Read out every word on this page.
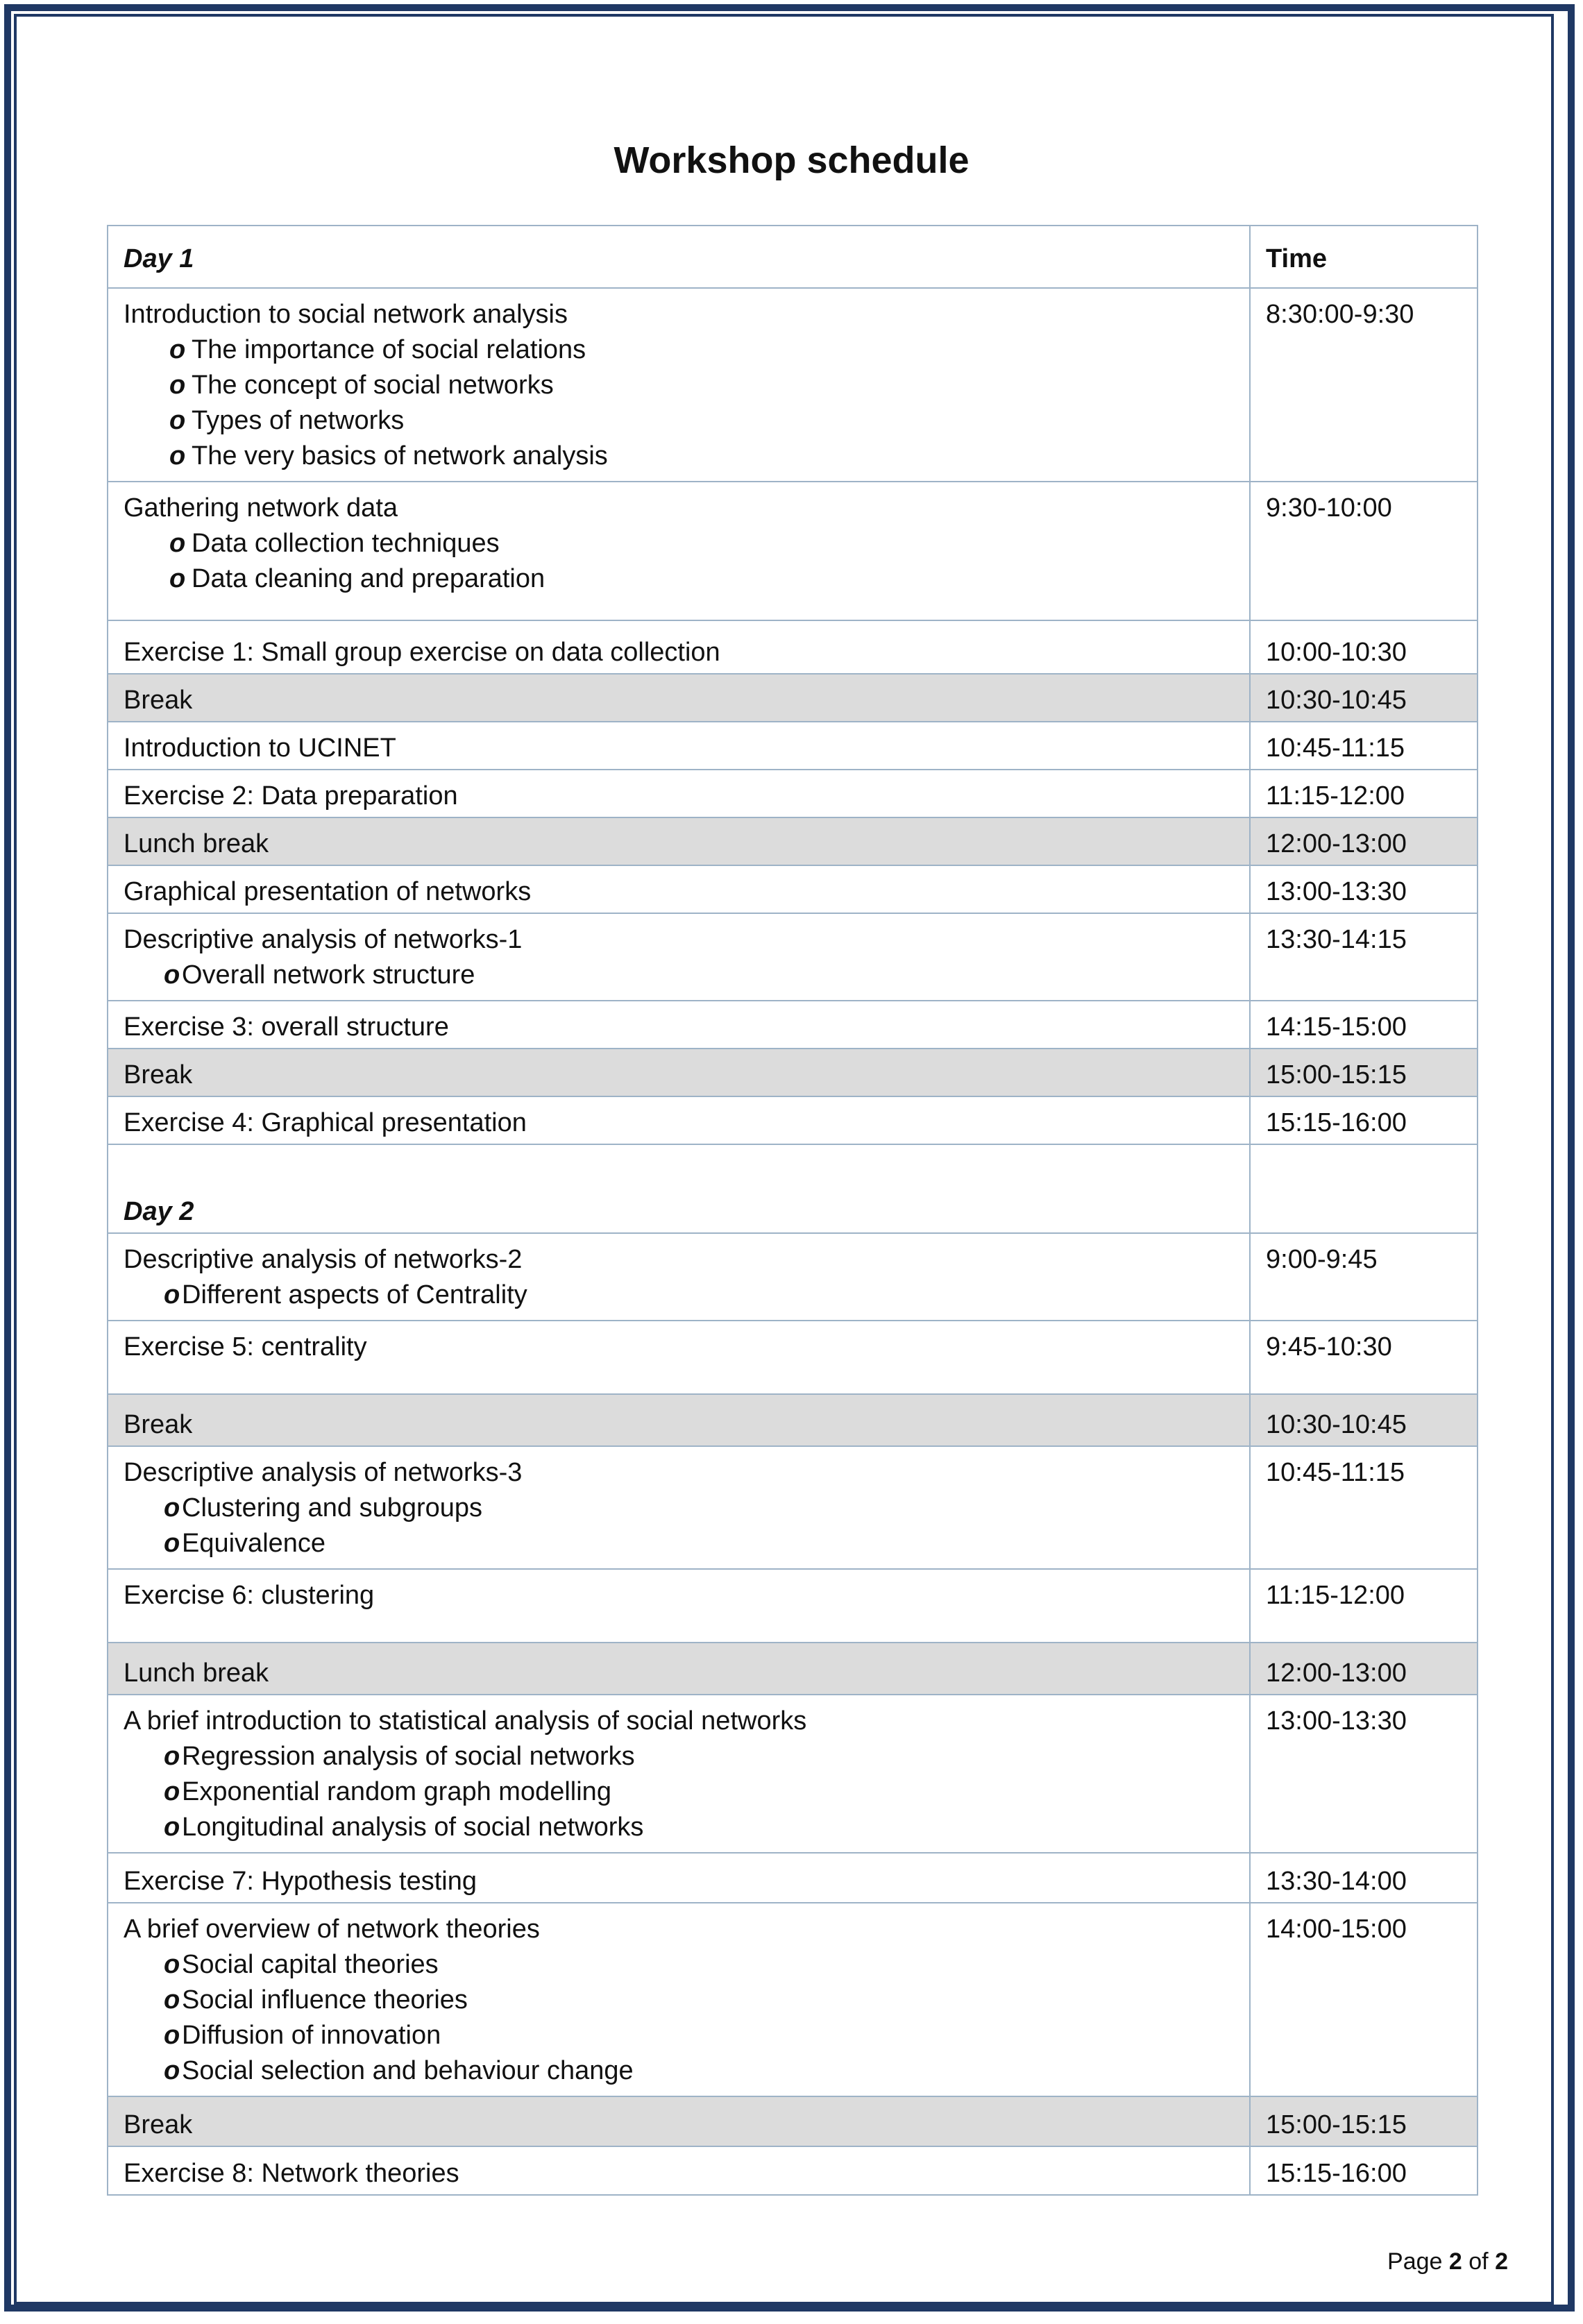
Workshop schedule
Day 1	Time
Introduction to social network analysis
o The importance of social relations
o The concept of social networks
o Types of networks
o The very basics of network analysis	8:30:00-9:30
Gathering network data
o Data collection techniques
o Data cleaning and preparation	9:30-10:00
Exercise 1: Small group exercise on data collection	10:00-10:30
Break	10:30-10:45
Introduction to UCINET	10:45-11:15
Exercise 2: Data preparation	11:15-12:00
Lunch break	12:00-13:00
Graphical presentation of networks	13:00-13:30
Descriptive analysis of networks-1
oOverall network structure	13:30-14:15
Exercise 3: overall structure	14:15-15:00
Break	15:00-15:15
Exercise 4: Graphical presentation	15:15-16:00
Day 2	
Descriptive analysis of networks-2
oDifferent aspects of Centrality	9:00-9:45
Exercise 5: centrality	9:45-10:30
Break	10:30-10:45
Descriptive analysis of networks-3
oClustering and subgroups
oEquivalence	10:45-11:15
Exercise 6: clustering	11:15-12:00
Lunch break	12:00-13:00
A brief introduction to statistical analysis of social networks
oRegression analysis of social networks
oExponential random graph modelling
oLongitudinal analysis of social networks	13:00-13:30
Exercise 7: Hypothesis testing	13:30-14:00
A brief overview of network theories
oSocial capital theories
oSocial influence theories
oDiffusion of innovation
oSocial selection and behaviour change	14:00-15:00
Break	15:00-15:15
Exercise 8: Network theories	15:15-16:00
Page 2 of 2
